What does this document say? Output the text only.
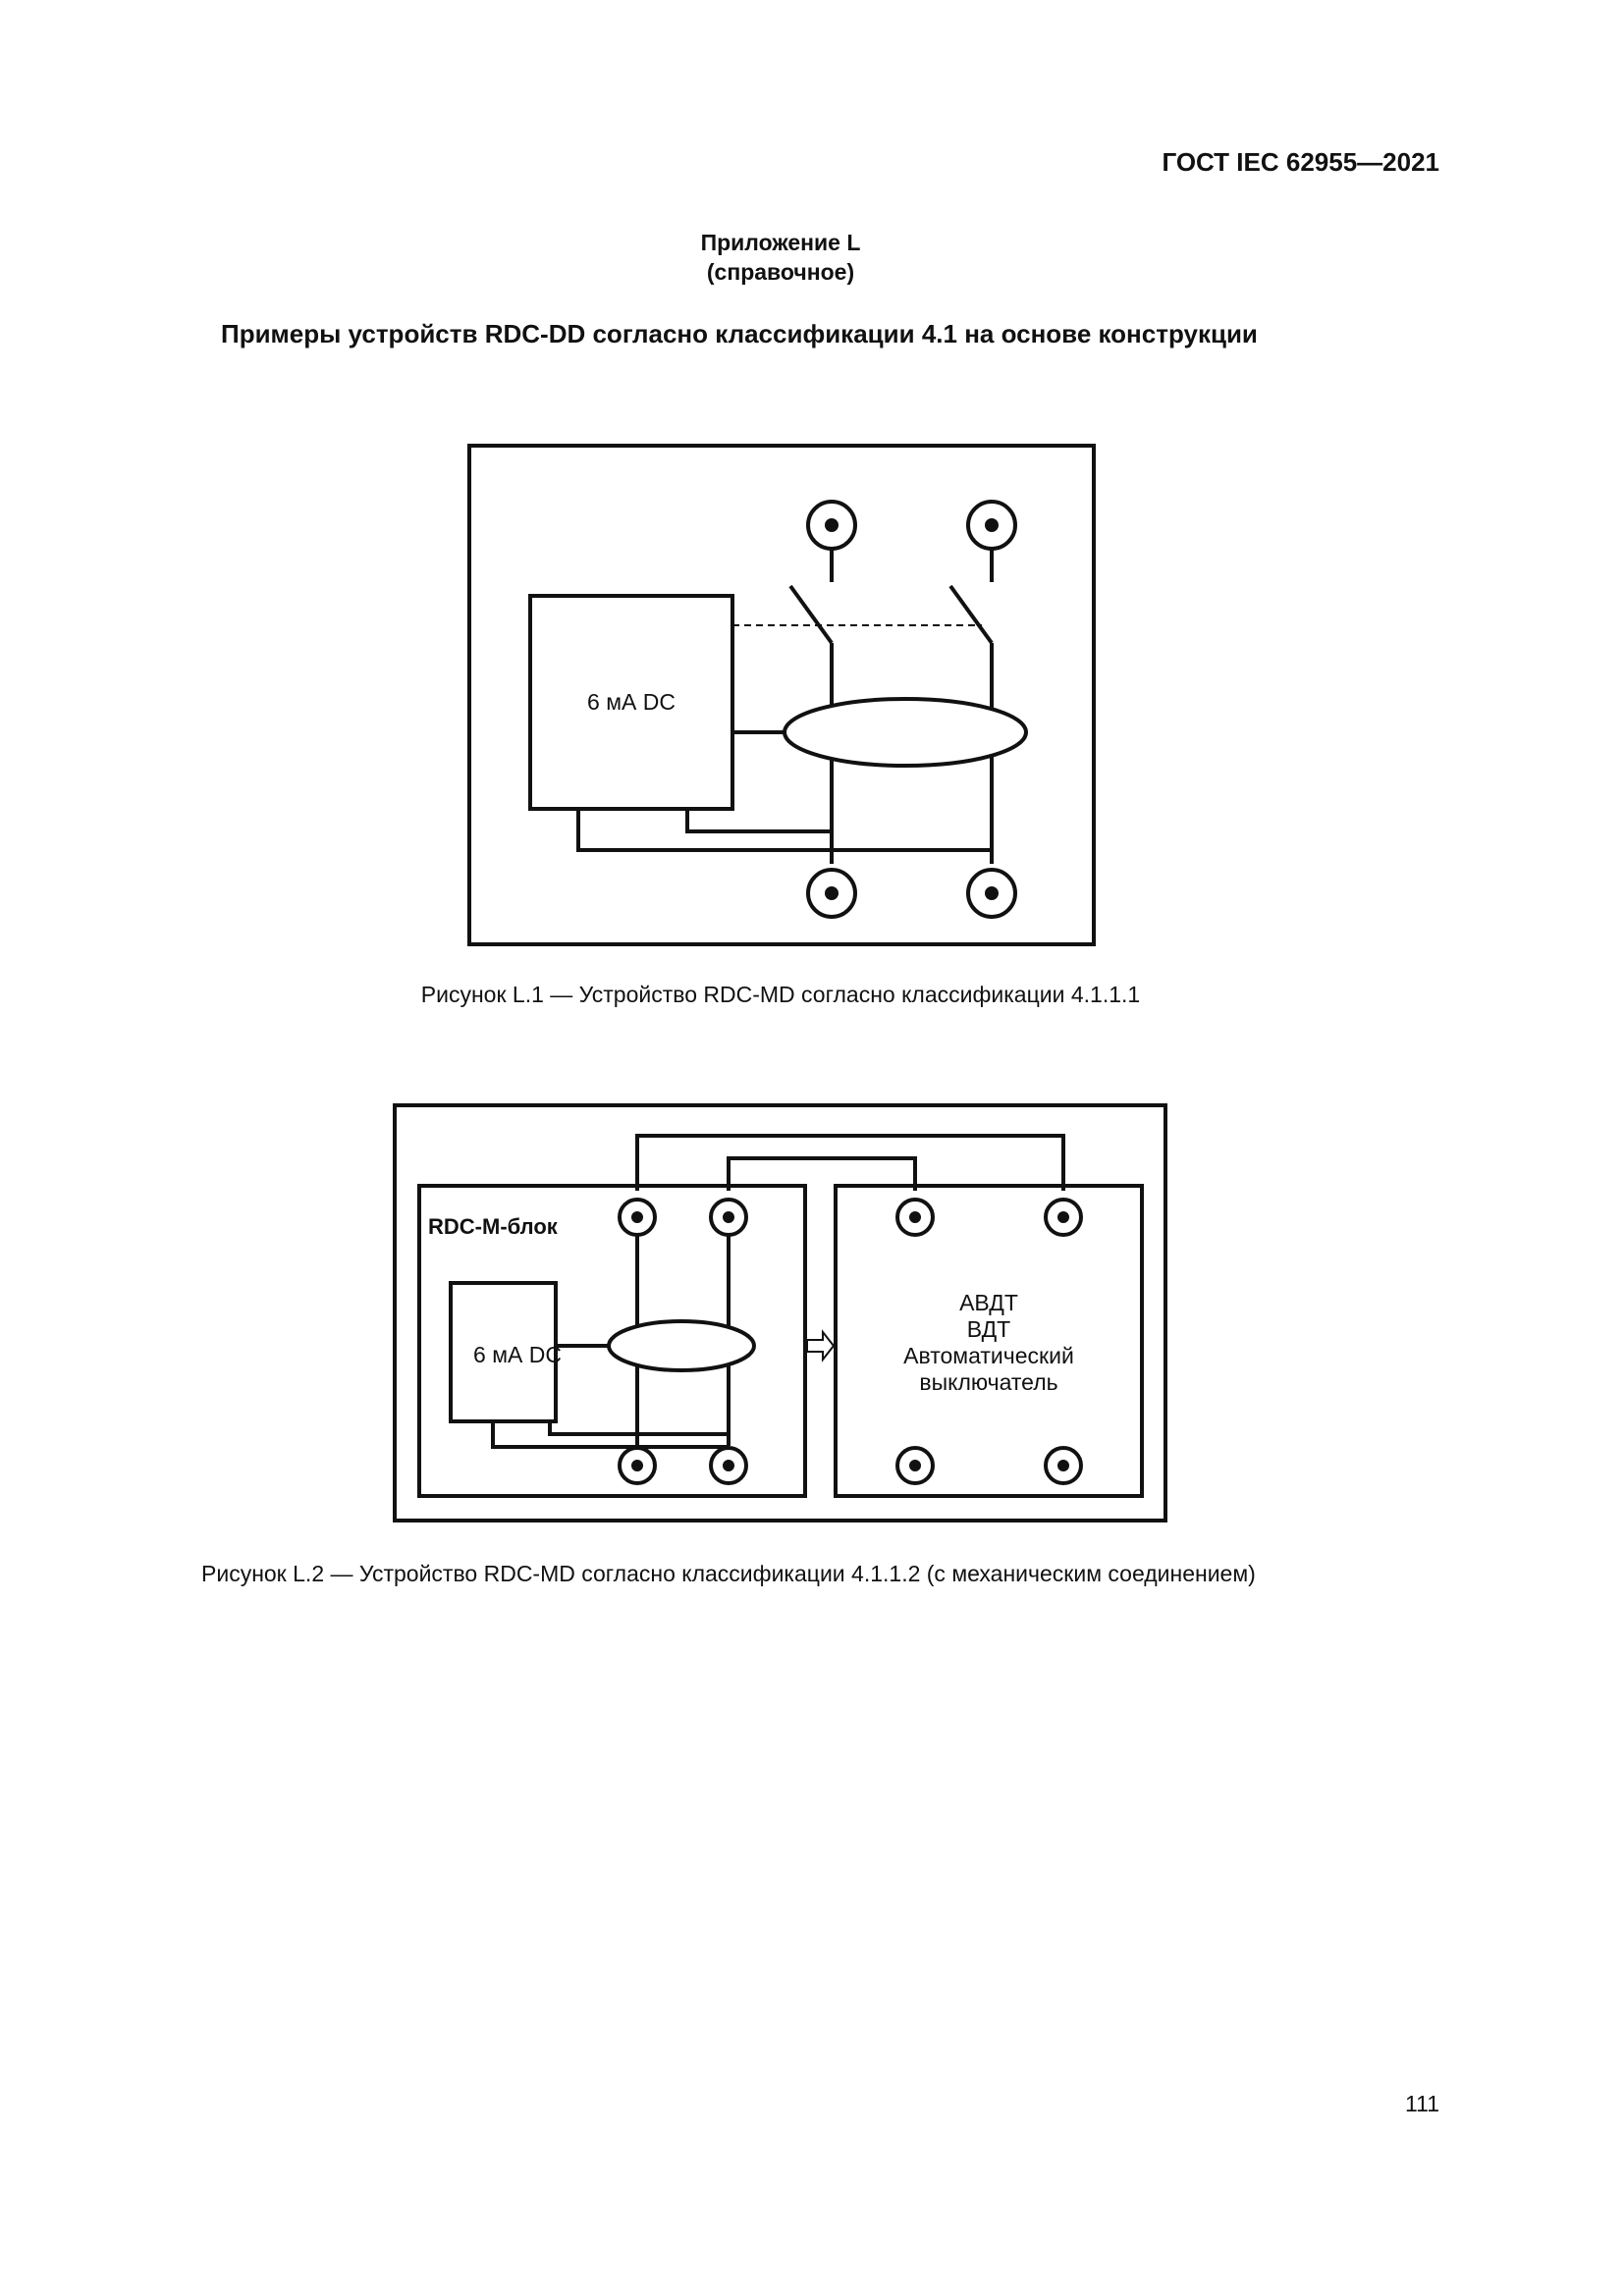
ГОСТ IEC 62955—2021
Приложение L
(справочное)
Примеры устройств RDC-DD согласно классификации 4.1 на основе конструкции
6 мА DC
RDC-M-блок
6 мА DC
АВДТ
ВДТ
Автоматический
выключатель
Рисунок L.1 — Устройство RDC-MD согласно классификации 4.1.1.1
Рисунок L.2 — Устройство RDC-MD согласно классификации 4.1.1.2 (с механическим соединением)
111
